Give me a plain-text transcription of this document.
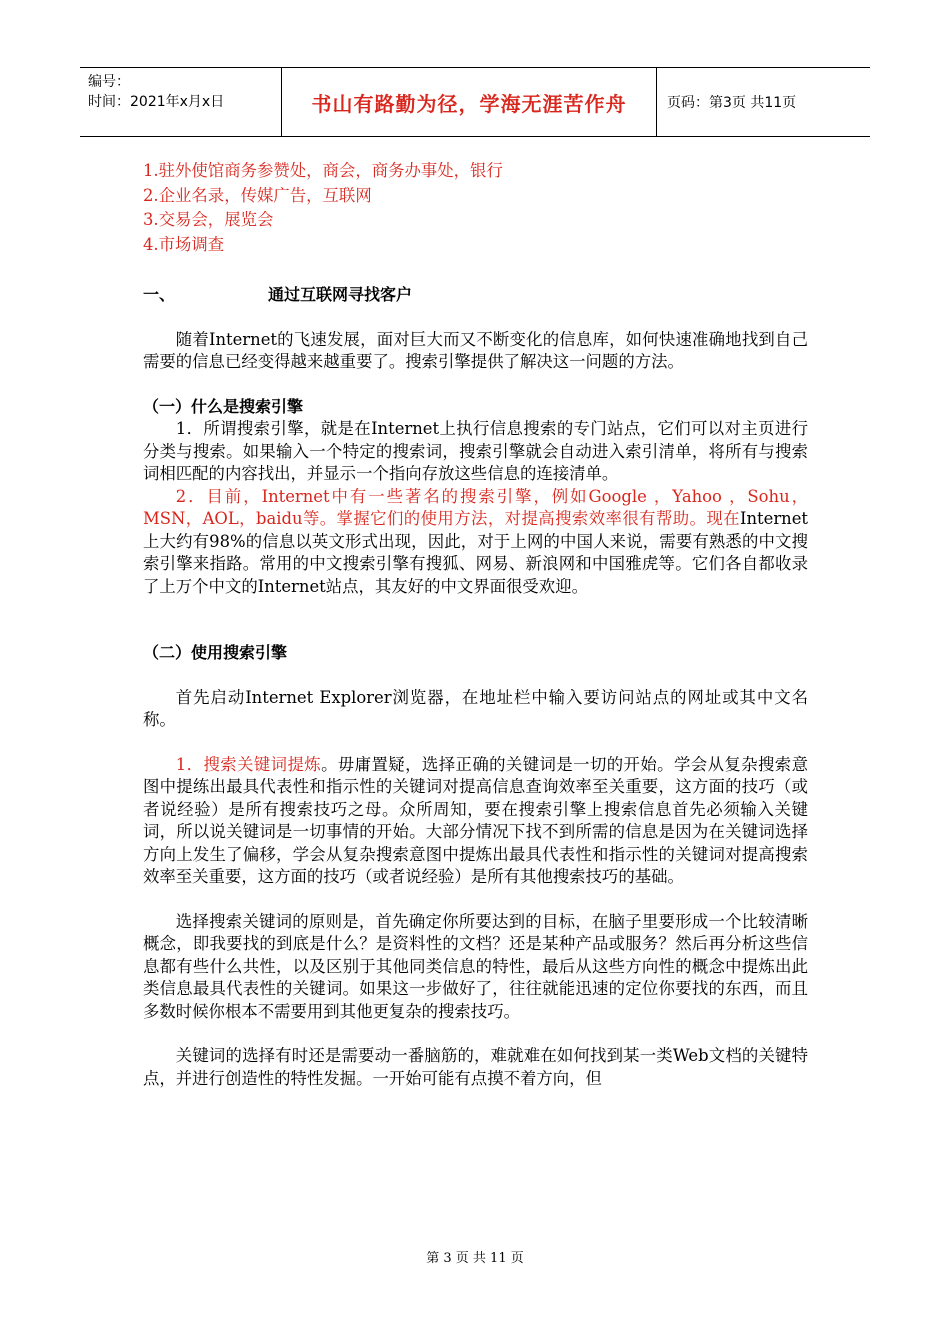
编号：
时间：2021年x月x日	书山有路勤为径，学海无涯苦作舟	页码：第3页 共11页
1.驻外使馆商务参赞处，商会，商务办事处，银行
2.企业名录，传媒广告，互联网
3.交易会，展览会
4.市场调查
一、	通过互联网寻找客户

随着Internet的飞速发展，面对巨大而又不断变化的信息库，如何快速准确地找到自己需要的信息已经变得越来越重要了。搜索引擎提供了解决这一问题的方法。

（一）什么是搜索引擎

1．所谓搜索引擎，就是在Internet上执行信息搜索的专门站点，它们可以对主页进行分类与搜索。如果输入一个特定的搜索词，搜索引擎就会自动进入索引清单，将所有与搜索词相匹配的内容找出，并显示一个指向存放这些信息的连接清单。

2．目前，Internet中有一些著名的搜索引擎，例如Google ，Yahoo ，Sohu，MSN，AOL，baidu等。掌握它们的使用方法，对提高搜索效率很有帮助。现在Internet上大约有98%的信息以英文形式出现，因此，对于上网的中国人来说，需要有熟悉的中文搜索引擎来指路。常用的中文搜索引擎有搜狐、网易、新浪网和中国雅虎等。它们各自都收录了上万个中文的Internet站点，其友好的中文界面很受欢迎。

（二）使用搜索引擎

首先启动Internet Explorer浏览器，在地址栏中输入要访问站点的网址或其中文名称。

1．搜索关键词提炼。毋庸置疑，选择正确的关键词是一切的开始。学会从复杂搜索意图中提练出最具代表性和指示性的关键词对提高信息查询效率至关重要，这方面的技巧（或者说经验）是所有搜索技巧之母。众所周知，要在搜索引擎上搜索信息首先必须输入关键词，所以说关键词是一切事情的开始。大部分情况下找不到所需的信息是因为在关键词选择方向上发生了偏移，学会从复杂搜索意图中提炼出最具代表性和指示性的关键词对提高搜索效率至关重要，这方面的技巧（或者说经验）是所有其他搜索技巧的基础。

选择搜索关键词的原则是，首先确定你所要达到的目标，在脑子里要形成一个比较清晰概念，即我要找的到底是什么？是资料性的文档？还是某种产品或服务？然后再分析这些信息都有些什么共性，以及区别于其他同类信息的特性，最后从这些方向性的概念中提炼出此类信息最具代表性的关键词。如果这一步做好了，往往就能迅速的定位你要找的东西，而且多数时候你根本不需要用到其他更复杂的搜索技巧。

关键词的选择有时还是需要动一番脑筋的，难就难在如何找到某一类Web文档的关键特点，并进行创造性的特性发掘。一开始可能有点摸不着方向，但

第 3 页 共 11 页
